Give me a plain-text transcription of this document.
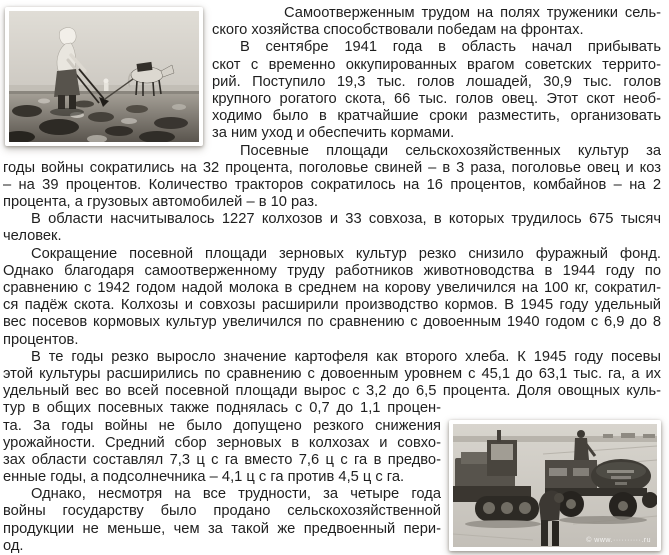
Самоотверженным трудом на полях труженики сель-
ского хозяйства способствовали победам на фронтах.
В сентябре 1941 года в область начал прибывать
скот с временно оккупированных врагом советских террито-
рий. Поступило 19,3 тыс. голов лошадей, 30,9 тыс. голов
крупного рогатого скота, 66 тыс. голов овец. Этот скот необ-
ходимо было в кратчайшие сроки разместить, организовать
за ним уход и обеспечить кормами.
Посевные площади сельскохозяйственных культур за
годы войны сократились на 32 процента, поголовье свиней – в 3 раза, поголовье овец и коз
– на 39 процентов. Количество тракторов сократилось на 16 процентов, комбайнов – на 2
процента, а грузовых автомобилей – в 10 раз.
В области насчитывалось 1227 колхозов и 33 совхоза, в которых трудилось 675 тысяч
человек.
Сокращение посевной площади зерновых культур резко снизило фуражный фонд.
Однако благодаря самоотверженному труду работников животноводства в 1944 году по
сравнению с 1942 годом надой молока в среднем на корову увеличился на 100 кг, сократил-
ся падёж скота. Колхозы и совхозы расширили производство кормов. В 1945 году удельный
вес посевов кормовых культур увеличился по сравнению с довоенным 1940 годом с 6,9 до 8
процентов.
В те годы резко выросло значение картофеля как второго хлеба. К 1945 году посевы
этой культуры расширились по сравнению с довоенным уровнем с 45,1 до 63,1 тыс. га, а их
удельный вес во всей посевной площади вырос с 3,2 до 6,5 процента. Доля овощных куль-
© www.··········.ru
тур в общих посевных также поднялась с 0,7 до 1,1 процен-
та. За годы войны не было допущено резкого снижения
урожайности. Средний сбор зерновых в колхозах и совхо-
зах области составлял 7,3 ц с га вместо 7,6 ц с га в предво-
енные годы, а подсолнечника – 4,1 ц с га против 4,5 ц с га.
Однако, несмотря на все трудности, за четыре года
войны государству было продано сельскохозяйственной
продукции не меньше, чем за такой же предвоенный пери-
од.
